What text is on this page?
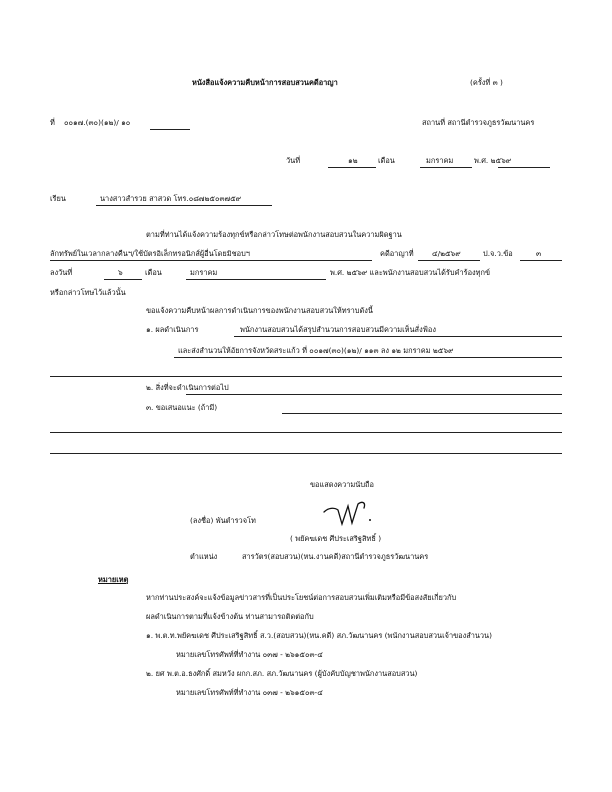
หนังสือแจ้งความคืบหน้าการสอบสวนคดีอาญา	(ครั้งที่ ๓ )
ที่ ๐๐๑๗.(๓๐)(๑๒)/ ๑๐	สถานที่ สถานีตำรวจภูธรวัฒนานคร
วันที่	๑๒	เดือน	มกราคม	พ.ศ. ๒๕๖๙
เรียน	นางสาวสำรวย สาสวด โทร.๐๘๗๒๕๐๓๗๕๙
ตามที่ท่านได้แจ้งความร้องทุกข์หรือกล่าวโทษต่อพนักงานสอบสวนในความผิดฐาน
ลักทรัพย์ในเวลากลางคืนฯ/ใช้บัตรอิเล็กทรอนิกส์ผู้อื่นโดยมิชอบฯ	คดีอาญาที่ ๔/๒๕๖๙	ป.จ.ว.ข้อ	๓
ลงวันที่	๖	เดือน	มกราคม	พ.ศ. ๒๕๖๙ และพนักงานสอบสวนได้รับคำร้องทุกข์
หรือกล่าวโทษไว้แล้วนั้น
ขอแจ้งความคืบหน้าผลการดำเนินการของพนักงานสอบสวนให้ทราบดังนี้
๑. ผลดำเนินการ	พนักงานสอบสวนได้สรุปสำนวนการสอบสวนมีความเห็นสั่งฟ้อง
และส่งสำนวนให้อัยการจังหวัดสระแก้ว ที่ ๐๐๑๗(๓๐)(๑๒)/ ๑๑๓ ลง ๑๒ มกราคม ๒๕๖๙
๒. สิ่งที่จะดำเนินการต่อไป
๓. ขอเสนอแนะ (ถ้ามี)
ขอแสดงความนับถือ
(ลงชื่อ) พันตำรวจโท
( พยัคฆเดช ศีประเสริฐสิทธิ์ )
ตำแหน่ง	สารวัตร(สอบสวน)(หน.งานคดี)สถานีตำรวจภูธรวัฒนานคร
หมายเหตุ
หากท่านประสงค์จะแจ้งข้อมูลข่าวสารที่เป็นประโยชน์ต่อการสอบสวนเพิ่มเติมหรือมีข้อสงสัยเกี่ยวกับ
ผลดำเนินการตามที่แจ้งข้างต้น ท่านสามารถติดต่อกับ
๑. พ.ต.ท.พยัคฆเดช ศีประเสริฐสิทธิ์ ส.ว.(สอบสวน)(หน.คดี) สภ.วัฒนานคร (พนักงานสอบสวนเจ้าของสำนวน)
หมายเลขโทรศัพท์ที่ทำงาน ๐๓๗ - ๒๖๑๕๐๓-๔
๒. ยศ พ.ต.อ.ธงศักดิ์ สมหวัง ผกก.สภ. สภ.วัฒนานคร (ผู้บังคับบัญชาพนักงานสอบสวน)
หมายเลขโทรศัพท์ที่ทำงาน ๐๓๗ - ๒๖๑๕๐๓-๔
